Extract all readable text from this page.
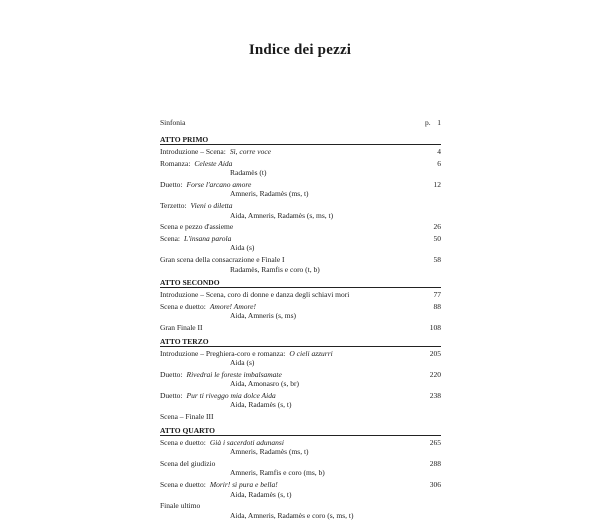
Indice dei pezzi
Sinfonia	p. 1
ATTO PRIMO
Introduzione – Scena: Sì, corre voce	4
Romanza: Celeste Aida	6
Radamès (t)
Duetto: Forse l'arcano amore	12
Amneris, Radamès (ms, t)
Terzetto: Vieni o diletta
Aida, Amneris, Radamès (s, ms, t)
Scena e pezzo d'assieme	26
Scena: L'insana parola	50
Aida (s)
Gran scena della consacrazione e Finale I	58
Radamès, Ramfis e coro (t, b)
ATTO SECONDO
Introduzione – Scena, coro di donne e danza degli schiavi mori	77
Scena e duetto: Amore! Amore!	88
Aida, Amneris (s, ms)
Gran Finale II	108
ATTO TERZO
Introduzione – Preghiera-coro e romanza: O cieli azzurri	205
Aida (s)
Duetto: Rivedrai le foreste imbalsamate	220
Aida, Amonasro (s, br)
Duetto: Pur ti riveggo mia dolce Aida	238
Aida, Radamès (s, t)
Scena – Finale III
ATTO QUARTO
Scena e duetto: Già i sacerdoti adunansi	265
Amneris, Radamès (ms, t)
Scena del giudizio	288
Amneris, Ramfis e coro (ms, b)
Scena e duetto: Morir! sì pura e bella!	306
Aida, Radamès (s, t)
Finale ultimo
Aida, Amneris, Radamès e coro (s, ms, t)
